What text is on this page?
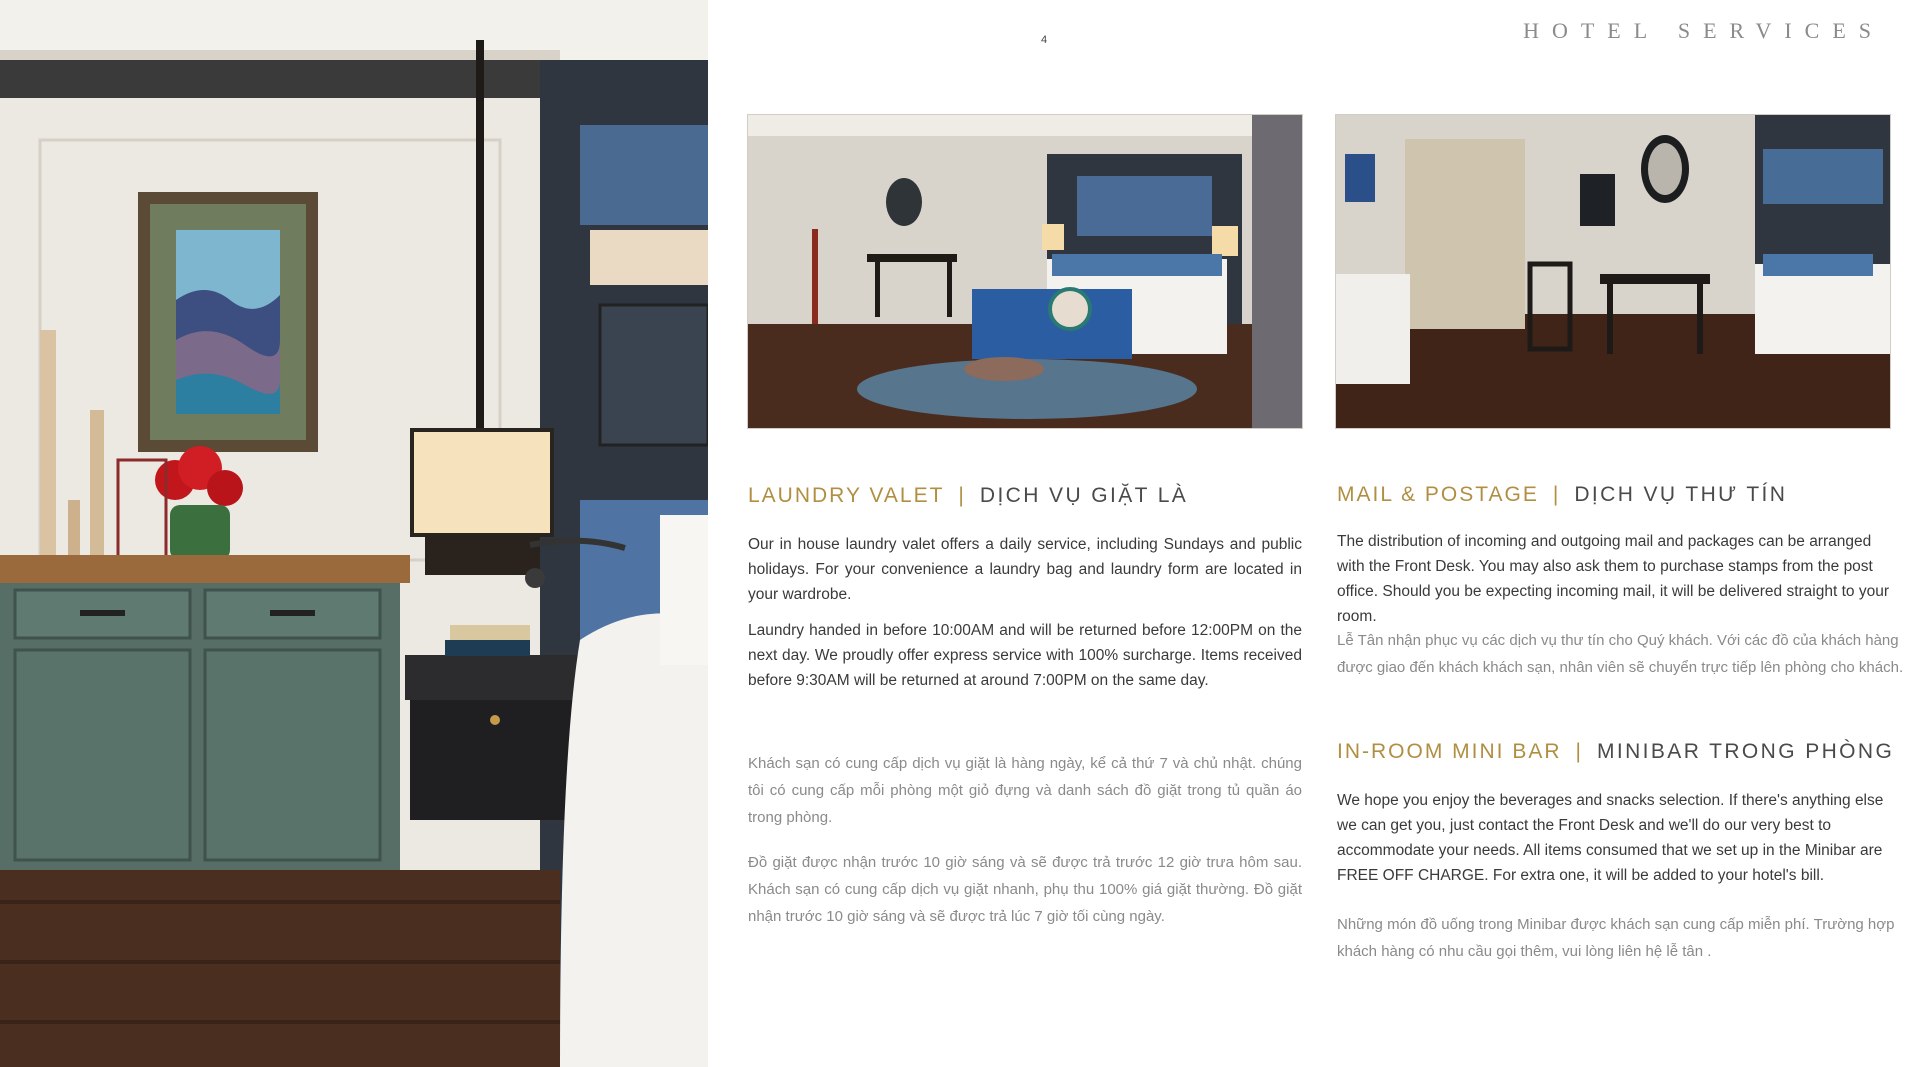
4	HOTEL SERVICES
LAUNDRY VALET | DỊCH VỤ GIẶT LÀ

Our in house laundry valet offers a daily service, including Sundays and public holidays. For your convenience a laundry bag and laundry form are located in your wardrobe.

Laundry handed in before 10:00AM and will be returned before 12:00PM on the next day. We proudly offer express service with 100% surcharge. Items received before 9:30AM will be returned at around 7:00PM on the same day.

Khách sạn có cung cấp dịch vụ giặt là hàng ngày, kể cả thứ 7 và chủ nhật. chúng tôi có cung cấp mỗi phòng một giỏ đựng và danh sách đồ giặt trong tủ quần áo trong phòng.

Đồ giặt được nhận trước 10 giờ sáng và sẽ được trả trước 12 giờ trưa hôm sau. Khách sạn có cung cấp dịch vụ giặt nhanh, phụ thu 100% giá giặt thường. Đồ giặt nhận trước 10 giờ sáng và sẽ được trả lúc 7 giờ tối cùng ngày.

MAIL & POSTAGE | DỊCH VỤ THƯ TÍN

The distribution of incoming and outgoing mail and packages can be arranged with the Front Desk. You may also ask them to purchase stamps from the post office. Should you be expecting incoming mail, it will be delivered straight to your room.

Lễ Tân nhận phục vụ các dịch vụ thư tín cho Quý khách. Với các đồ của khách hàng được giao đến khách khách sạn, nhân viên sẽ chuyển trực tiếp lên phòng cho khách.

IN-ROOM MINI BAR | MINIBAR TRONG PHÒNG

We hope you enjoy the beverages and snacks selection. If there's anything else we can get you, just contact the Front Desk and we'll do our very best to accommodate your needs. All items consumed that we set up in the Minibar are FREE OFF CHARGE. For extra one, it will be added to your hotel's bill.

Những món đồ uống trong Minibar được khách sạn cung cấp miễn phí. Trường hợp khách hàng có nhu cầu gọi thêm, vui lòng liên hệ lễ tân .
